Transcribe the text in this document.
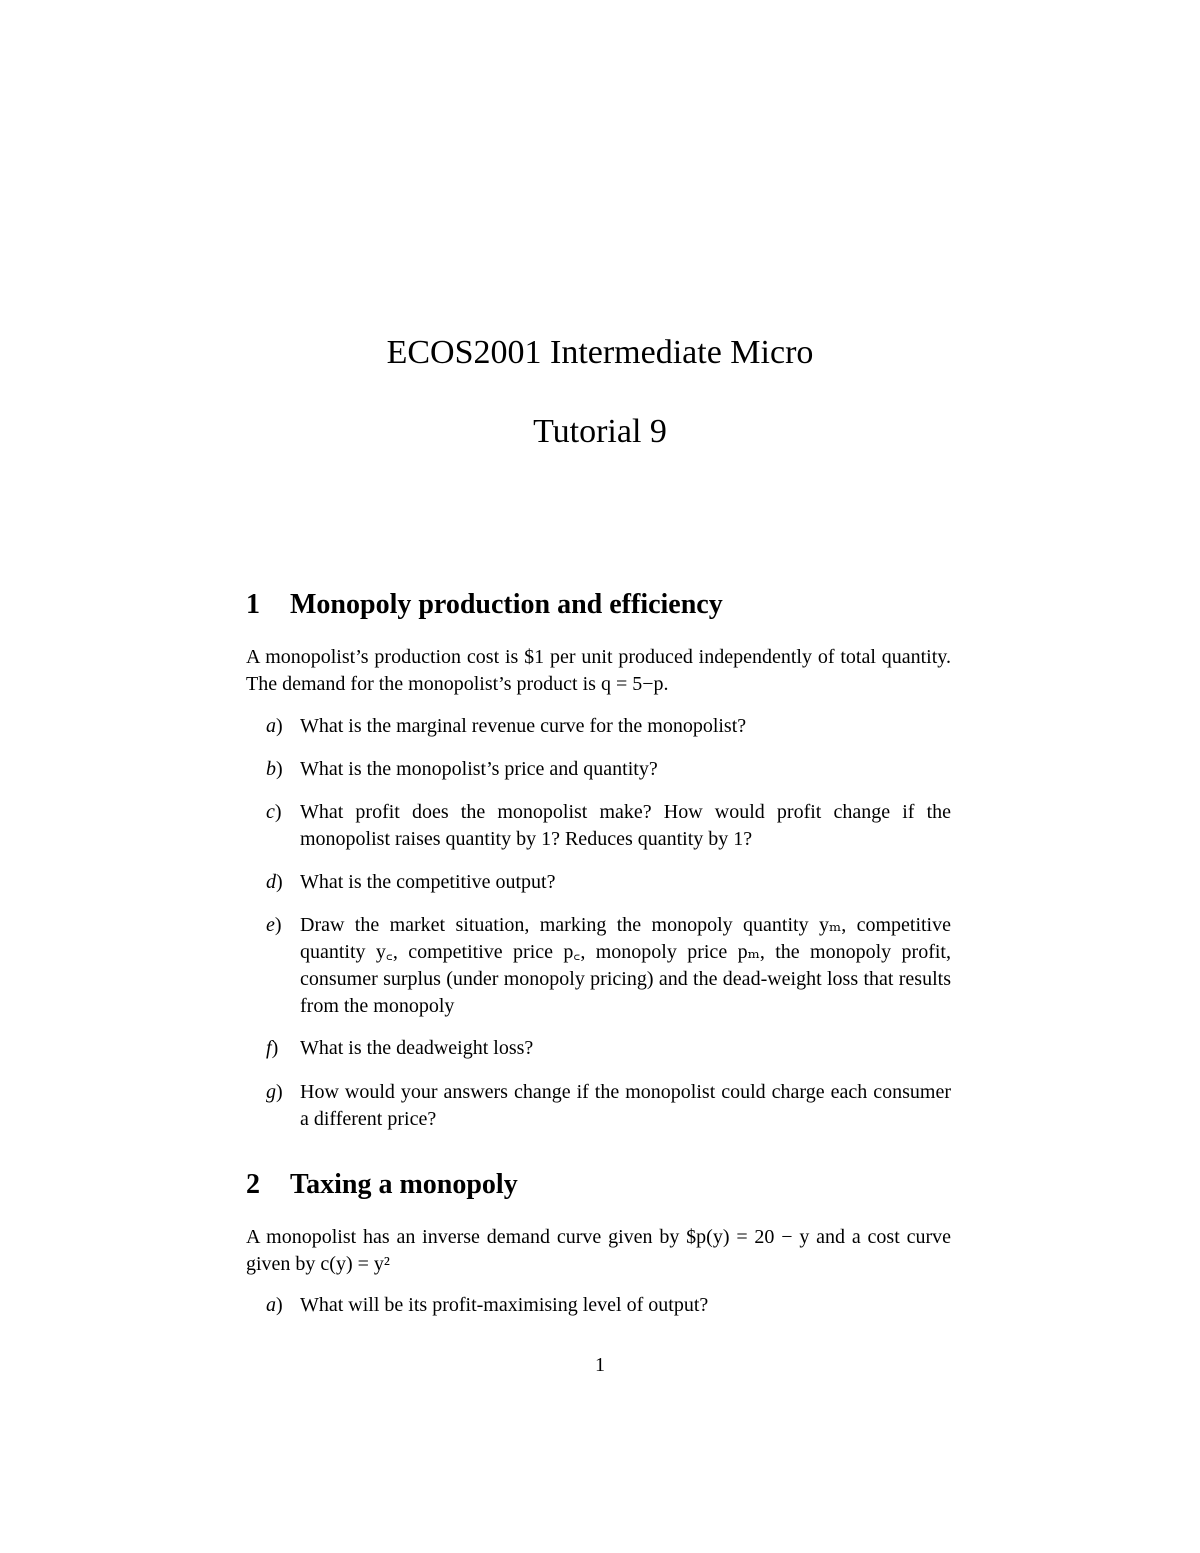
ECOS2001 Intermediate Micro
Tutorial 9
1 Monopoly production and efficiency
A monopolist’s production cost is $1 per unit produced independently of total quantity. The demand for the monopolist’s product is q = 5−p.
a) What is the marginal revenue curve for the monopolist?
b) What is the monopolist’s price and quantity?
c) What profit does the monopolist make? How would profit change if the monopolist raises quantity by 1? Reduces quantity by 1?
d) What is the competitive output?
e) Draw the market situation, marking the monopoly quantity yₘ, competitive quantity y꜀, competitive price p꜀, monopoly price pₘ, the monopoly profit, consumer surplus (under monopoly pricing) and the dead-weight loss that results from the monopoly
f)	What is the deadweight loss?
g) How would your answers change if the monopolist could charge each consumer a different price?
2 Taxing a monopoly
A monopolist has an inverse demand curve given by $p(y) = 20 − y and a cost curve given by c(y) = y²
a) What will be its profit-maximising level of output?
1
